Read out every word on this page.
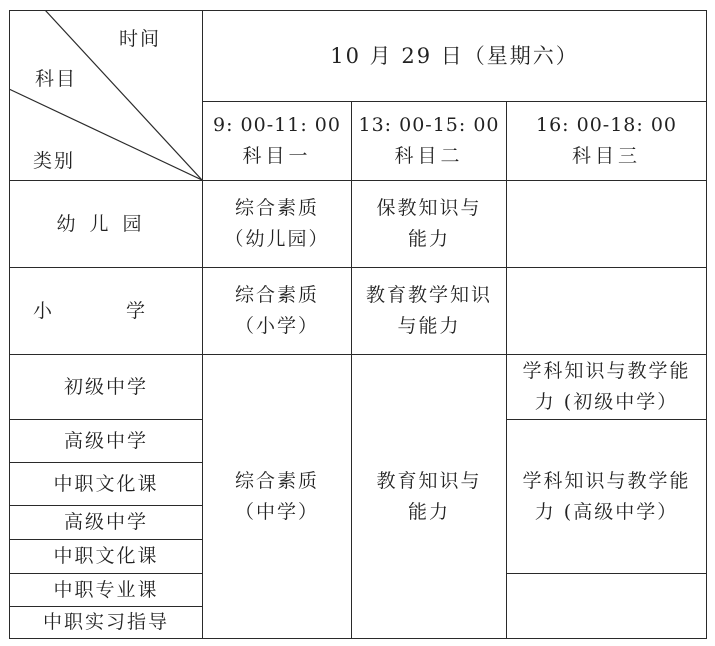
时间
科目
类别
10 月 29 日（星期六）
9: 00-11: 00
科目一
13: 00-15: 00
科目二
16: 00-18: 00
科目三
幼儿园
综合素质
（幼儿园）
保教知识与
能力
小 学
综合素质
（小学）
教育教学知识
与能力
初级中学
高级中学
中职文化课
高级中学
中职文化课
中职专业课
中职实习指导
综合素质
（中学）
教育知识与
能力
学科知识与教学能
力 (初级中学）
学科知识与教学能
力 (高级中学）
